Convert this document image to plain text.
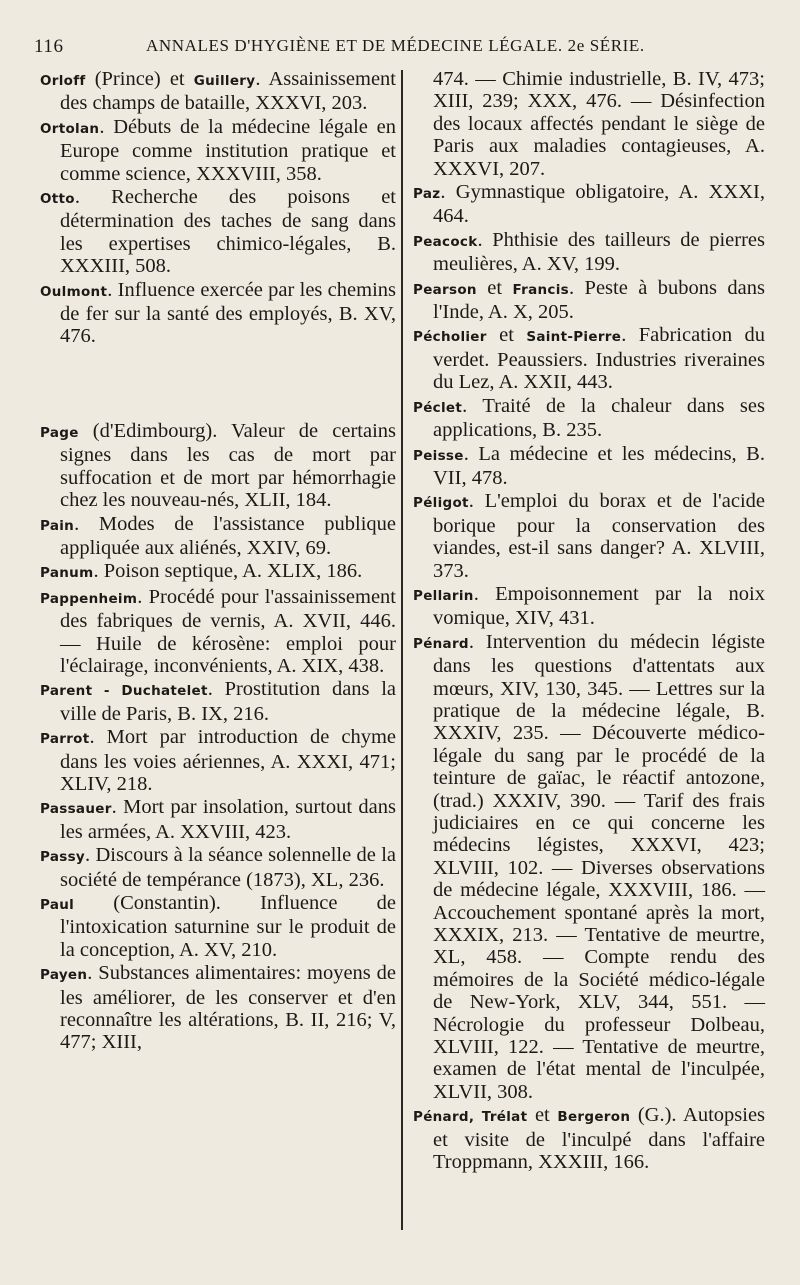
116	ANNALES D'HYGIÈNE ET DE MÉDECINE LÉGALE. 2e SÉRIE.

Orloff (Prince) et Guillery. Assainissement des champs de bataille, XXXVI, 203.

Ortolan. Débuts de la médecine légale en Europe comme institution pratique et comme science, XXXVIII, 358.

Otto. Recherche des poisons et détermination des taches de sang dans les expertises chimico-légales, B. XXXIII, 508.

Oulmont. Influence exercée par les chemins de fer sur la santé des employés, B. XV, 476.

Page (d'Edimbourg). Valeur de certains signes dans les cas de mort par suffocation et de mort par hémorrhagie chez les nouveau-nés, XLII, 184.

Pain. Modes de l'assistance publique appliquée aux aliénés, XXIV, 69.

Panum. Poison septique, A. XLIX, 186.

Pappenheim. Procédé pour l'assainissement des fabriques de vernis, A. XVII, 446. — Huile de kérosène: emploi pour l'éclairage, inconvénients, A. XIX, 438.

Parent - Duchatelet. Prostitution dans la ville de Paris, B. IX, 216.

Parrot. Mort par introduction de chyme dans les voies aériennes, A. XXXI, 471; XLIV, 218.

Passauer. Mort par insolation, surtout dans les armées, A. XXVIII, 423.

Passy. Discours à la séance solennelle de la société de tempérance (1873), XL, 236.

Paul (Constantin). Influence de l'intoxication saturnine sur le produit de la conception, A. XV, 210.

Payen. Substances alimentaires: moyens de les améliorer, de les conserver et d'en reconnaître les altérations, B. II, 216; V, 477; XIII,

474. — Chimie industrielle, B. IV, 473; XIII, 239; XXX, 476. — Désinfection des locaux affectés pendant le siège de Paris aux maladies contagieuses, A. XXXVI, 207.

Paz. Gymnastique obligatoire, A. XXXI, 464.

Peacock. Phthisie des tailleurs de pierres meulières, A. XV, 199.

Pearson et Francis. Peste à bubons dans l'Inde, A. X, 205.

Pécholier et Saint-Pierre. Fabrication du verdet. Peaussiers. Industries riveraines du Lez, A. XXII, 443.

Péclet. Traité de la chaleur dans ses applications, B. 235.

Peisse. La médecine et les médecins, B. VII, 478.

Péligot. L'emploi du borax et de l'acide borique pour la conservation des viandes, est-il sans danger? A. XLVIII, 373.

Pellarin. Empoisonnement par la noix vomique, XIV, 431.

Pénard. Intervention du médecin légiste dans les questions d'attentats aux mœurs, XIV, 130, 345. — Lettres sur la pratique de la médecine légale, B. XXXIV, 235. — Découverte médico-légale du sang par le procédé de la teinture de gaïac, le réactif antozone, (trad.) XXXIV, 390. — Tarif des frais judiciaires en ce qui concerne les médecins légistes, XXXVI, 423; XLVIII, 102. — Diverses observations de médecine légale, XXXVIII, 186. — Accouchement spontané après la mort, XXXIX, 213. — Tentative de meurtre, XL, 458. — Compte rendu des mémoires de la Société médico-légale de New-York, XLV, 344, 551. — Nécrologie du professeur Dolbeau, XLVIII, 122. — Tentative de meurtre, examen de l'état mental de l'inculpée, XLVII, 308.

Pénard, Trélat et Bergeron (G.). Autopsies et visite de l'inculpé dans l'affaire Troppmann, XXXIII, 166.
